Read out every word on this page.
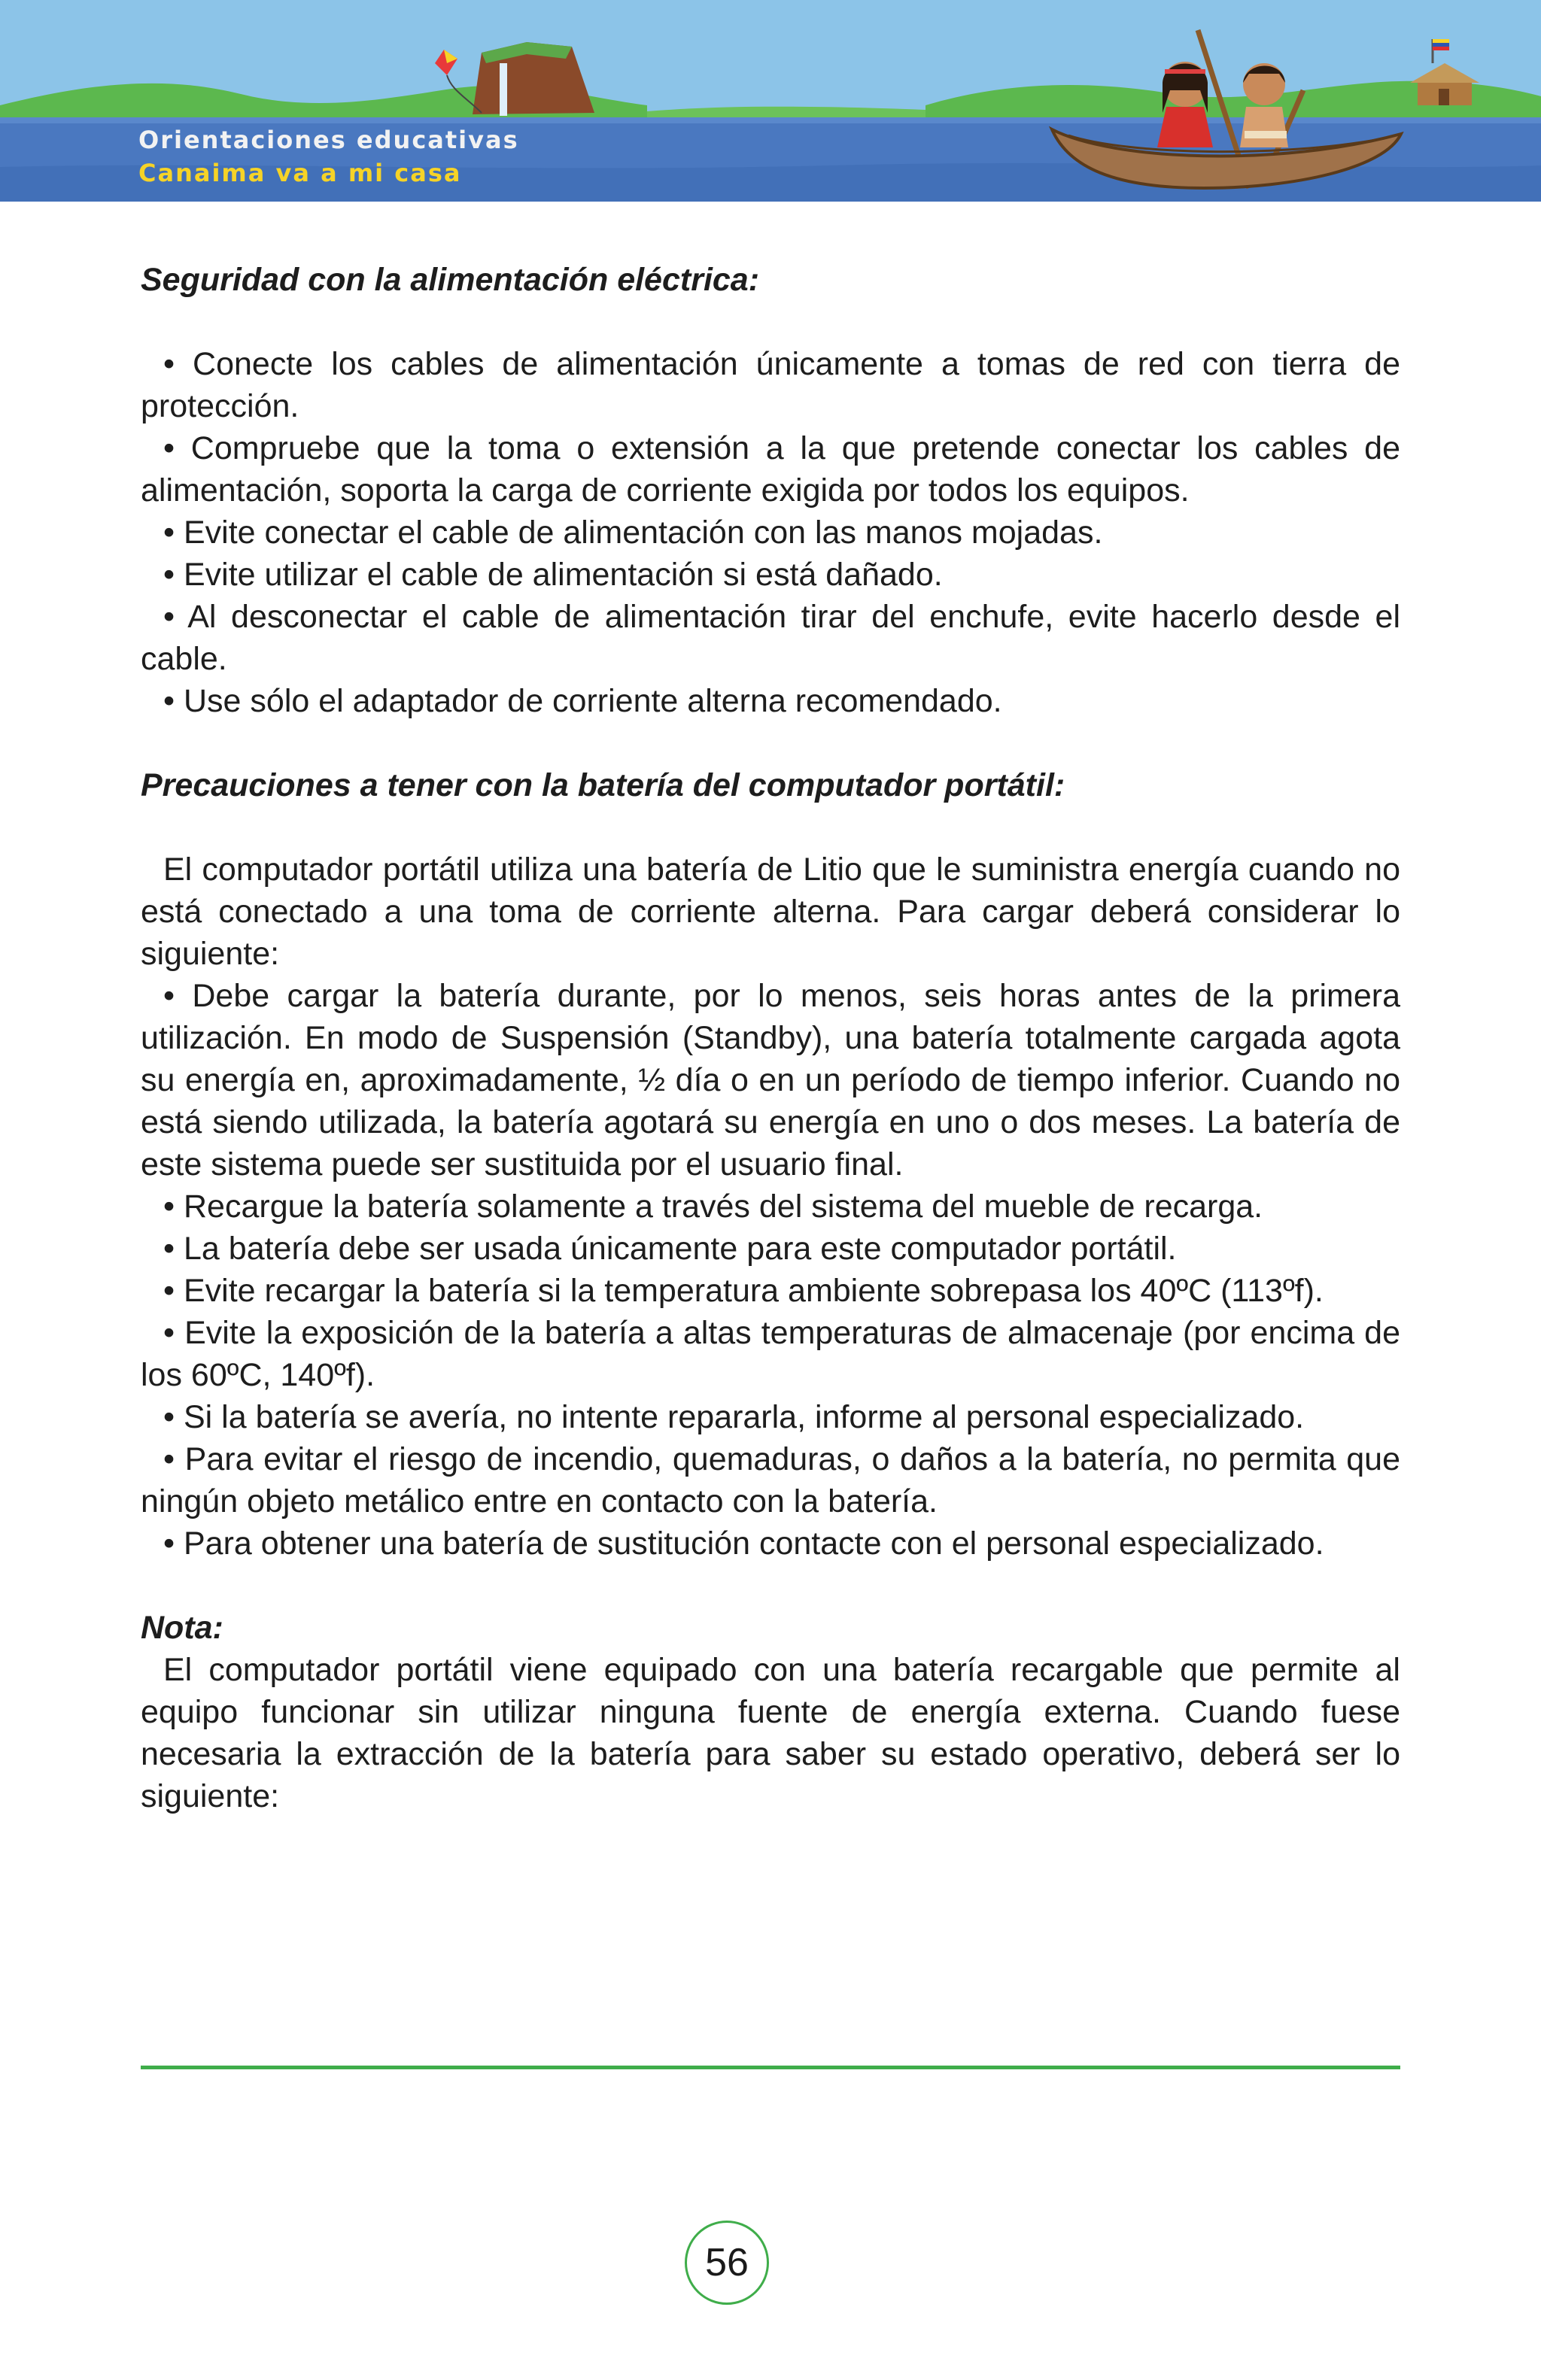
Orientaciones educativas
Canaima va a mi casa

Seguridad con la alimentación eléctrica:

• Conecte los cables de alimentación únicamente a tomas de red con tierra de protección.

• Compruebe que la toma o extensión a la que pretende conectar los cables de alimentación, soporta la carga de corriente exigida por todos los equipos.

• Evite conectar el cable de alimentación con las manos mojadas.

• Evite utilizar el cable de alimentación si está dañado.

• Al desconectar el cable de alimentación tirar del enchufe, evite hacerlo desde el cable.

• Use sólo el adaptador de corriente alterna recomendado.

Precauciones a tener con la batería del computador portátil:

El computador portátil utiliza una batería de Litio que le suministra energía cuando no está conectado a una toma de corriente alterna. Para cargar deberá considerar lo siguiente:

• Debe cargar la batería durante, por lo menos, seis horas antes de la primera utilización. En modo de Suspensión (Standby), una batería totalmente cargada agota su energía en, aproximadamente, ½ día o en un período de tiempo inferior. Cuando no está siendo utilizada, la batería agotará su energía en uno o dos meses. La batería de este sistema puede ser sustituida por el usuario final.

• Recargue la batería solamente a través del sistema del mueble de recarga.

• La batería debe ser usada únicamente para este computador portátil.

• Evite recargar la batería si la temperatura ambiente sobrepasa los 40ºC (113ºf).

• Evite la exposición de la batería a altas temperaturas de almacenaje (por encima de los 60ºC, 140ºf).

• Si la batería se avería, no intente repararla, informe al personal especializado.

• Para evitar el riesgo de incendio, quemaduras, o daños a la batería, no permita que ningún objeto metálico entre en contacto con la batería.

• Para obtener una batería de sustitución contacte con el personal especializado.

Nota:

El computador portátil viene equipado con una batería recargable que permite al equipo funcionar sin utilizar ninguna fuente de energía externa. Cuando fuese necesaria la extracción de la batería para saber su estado operativo, deberá ser lo siguiente:

56
